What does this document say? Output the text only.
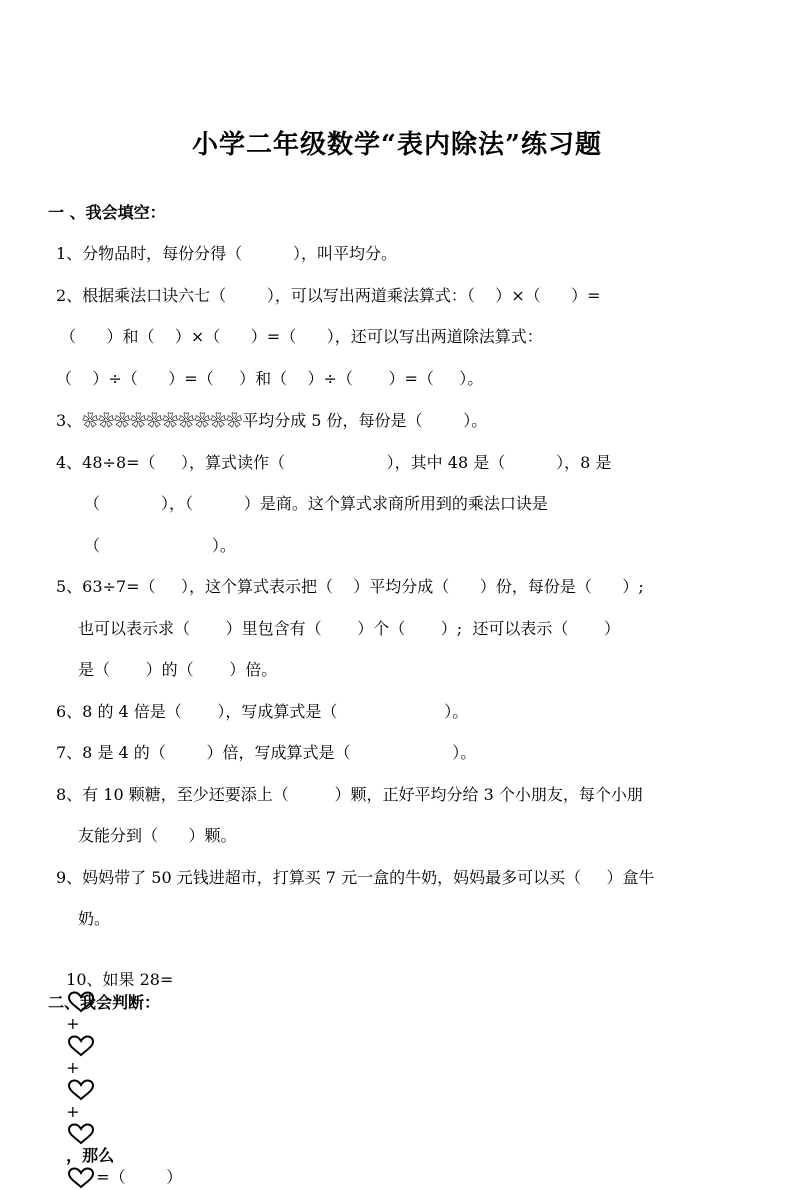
小学二年级数学“表内除法”练习题
一 、我会填空：
1、分物品时，每份分得（          ），叫平均分。
2、根据乘法口诀六七（        ），可以写出两道乘法算式：（    ）×（      ）=
（      ）和（    ）×（      ）=（      ），还可以写出两道除法算式：
（    ）÷（      ）=（     ）和（    ）÷（       ）=（     ）。
3、❀❀❀❀❀❀❀❀❀❀平均分成 5 份，每份是（        ）。
4、48÷8=（     ），算式读作（                    ），其中 48 是（          ），8 是
（            ），（          ）是商。这个算式求商所用到的乘法口诀是
（                      ）。
5、63÷7=（     ），这个算式表示把（    ）平均分成（      ）份，每份是（      ）;
也可以表示求（       ）里包含有（       ）个（       ）;  还可以表示（       ）
是（       ）的（       ）倍。
6、8 的 4 倍是（       ），写成算式是（                     ）。
7、8 是 4 的（        ）倍，写成算式是（                    ）。
8、有 10 颗糖，至少还要添上（         ）颗，正好平均分给 3 个小朋友，每个小朋
友能分到（      ）颗。
9、妈妈带了 50 元钱进超市，打算买 7 元一盒的牛奶，妈妈最多可以买（     ）盒牛
奶。

10、如果 28=

+

+

+

，那么

=（        ）

二、我会判断：
